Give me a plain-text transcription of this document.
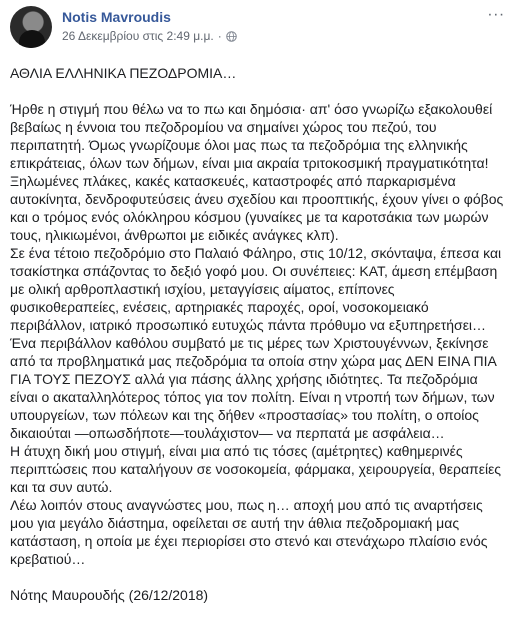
Notis Mavroudis
26 Δεκεμβρίου στις 2:49 μ.μ. ·
···

ΑΘΛΙΑ ΕΛΛΗΝΙΚΑ ΠΕΖΟΔΡΟΜΙΑ…

Ήρθε η στιγμή που θέλω να το πω και δημόσια· απ' όσο γνωρίζω εξακολουθεί βεβαίως η έννοια του πεζοδρομίου να σημαίνει χώρος του πεζού, του περιπατητή. Όμως γνωρίζουμε όλοι μας πως τα πεζοδρόμια της ελληνικής επικράτειας, όλων των δήμων, είναι μια ακραία τριτοκοσμική πραγματικότητα!

Ξηλωμένες πλάκες, κακές κατασκευές, καταστροφές από παρκαρισμένα αυτοκίνητα, δενδροφυτεύσεις άνευ σχεδίου και προοπτικής, έχουν γίνει ο φόβος και ο τρόμος ενός ολόκληρου κόσμου (γυναίκες με τα καροτσάκια των μωρών τους, ηλικιωμένοι, άνθρωποι με ειδικές ανάγκες κλπ).

Σε ένα τέτοιο πεζοδρόμιο στο Παλαιό Φάληρο, στις 10/12, σκόνταψα, έπεσα και τσακίστηκα σπάζοντας το δεξιό γοφό μου. Οι συνέπειες: ΚΑΤ, άμεση επέμβαση με ολική αρθροπλαστική ισχίου, μεταγγίσεις αίματος, επίπονες φυσικοθεραπείες, ενέσεις, αρτηριακές παροχές, οροί, νοσοκομειακό περιβάλλον, ιατρικό προσωπικό ευτυχώς πάντα πρόθυμο να εξυπηρετήσει…

Ένα περιβάλλον καθόλου συμβατό με τις μέρες των Χριστουγέννων, ξεκίνησε από τα προβληματικά μας πεζοδρόμια τα οποία στην χώρα μας ΔΕΝ ΕΙΝΑ ΠΙΑ ΓΙΑ ΤΟΥΣ ΠΕΖΟΥΣ αλλά για πάσης άλλης χρήσης ιδιότητες. Τα πεζοδρόμια είναι ο ακαταλληλότερος τόπος για τον πολίτη. Είναι η ντροπή των δήμων, των υπουργείων, των πόλεων και της δήθεν «προστασίας» του πολίτη, ο οποίος δικαιούται —οπωσδήποτε—τουλάχιστον— να περπατά με ασφάλεια…

Η άτυχη δική μου στιγμή, είναι μια από τις τόσες (αμέτρητες) καθημερινές περιπτώσεις που καταλήγουν σε νοσοκομεία, φάρμακα, χειρουργεία, θεραπείες και τα συν αυτώ.

Λέω λοιπόν στους αναγνώστες μου, πως η… αποχή μου από τις αναρτήσεις μου για μεγάλο διάστημα, οφείλεται σε αυτή την άθλια πεζοδρομιακή μας κατάσταση, η οποία με έχει περιορίσει στο στενό και στενάχωρο πλαίσιο ενός κρεβατιού…

Νότης Μαυρουδής (26/12/2018)
